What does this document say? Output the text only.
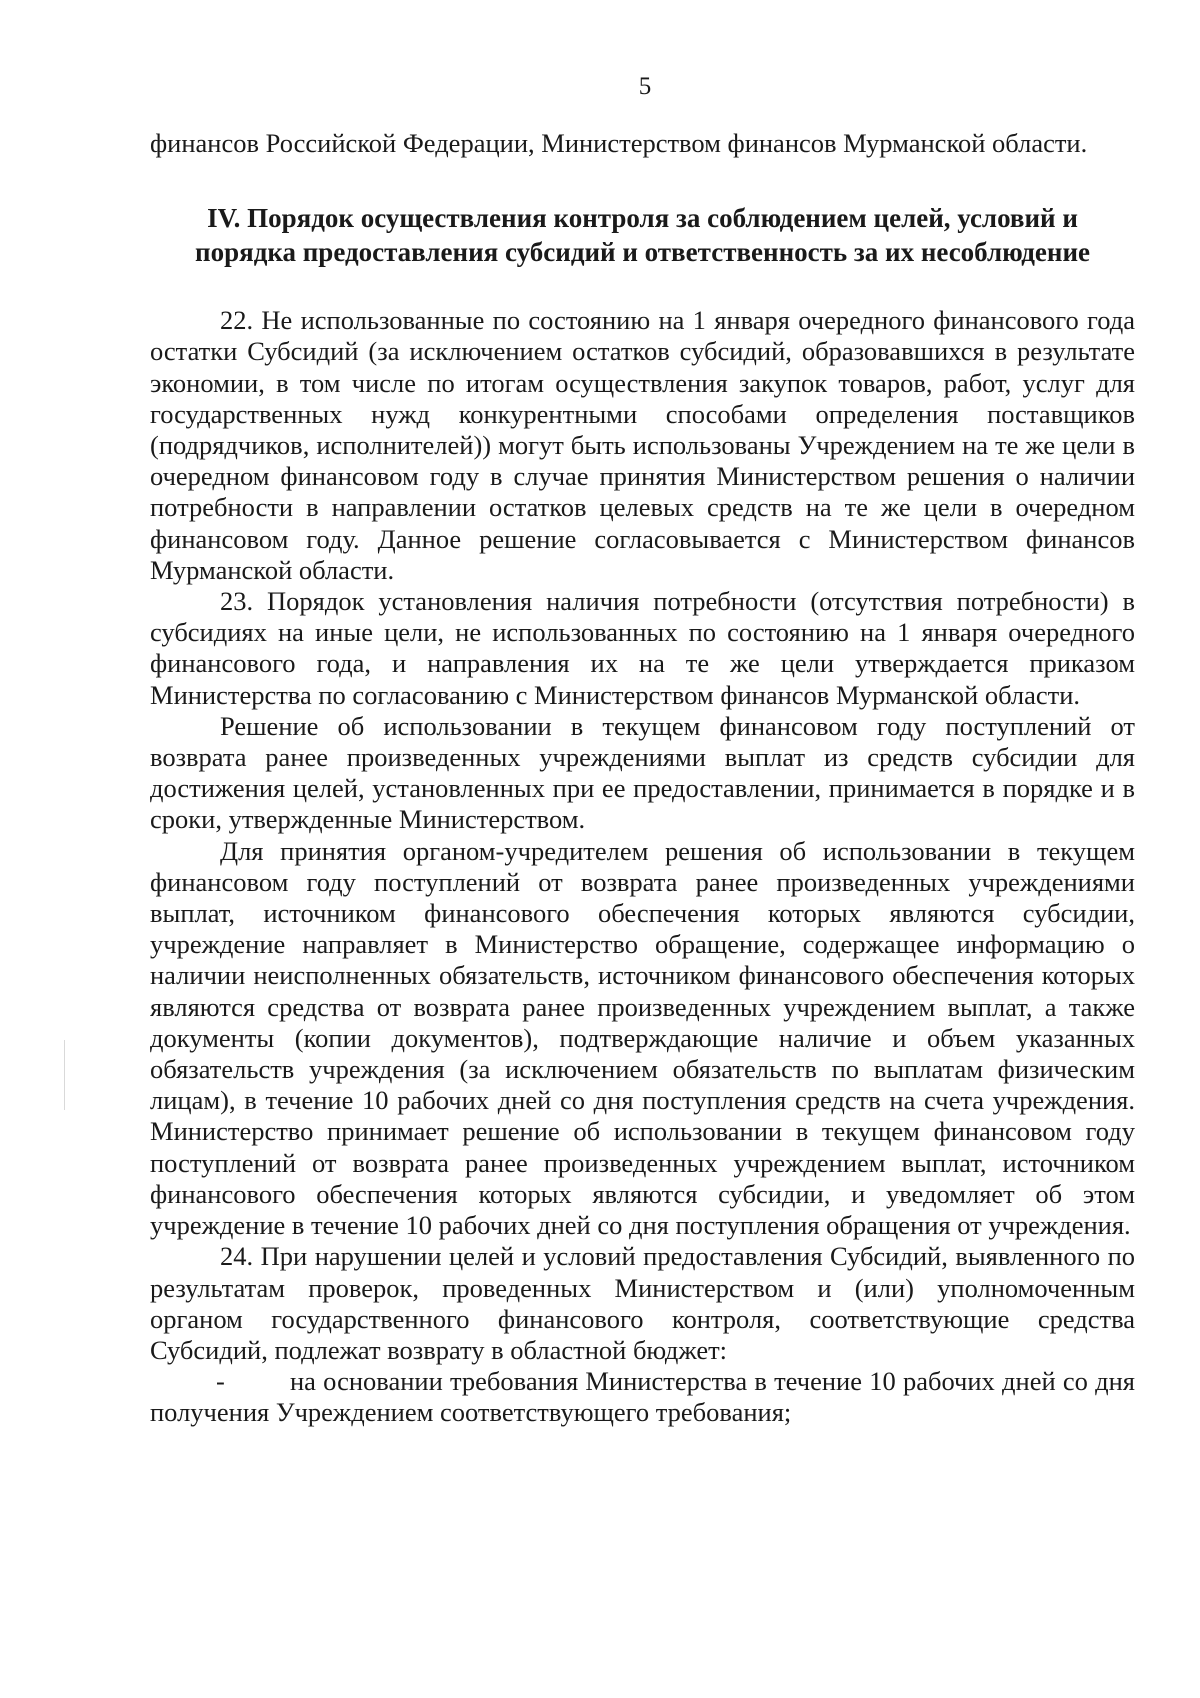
5

финансов Российской Федерации, Министерством финансов Мурманской области.

IV. Порядок осуществления контроля за соблюдением целей, условий и
порядка предоставления субсидий и ответственность за их несоблюдение

22. Не использованные по состоянию на 1 января очередного финансового года остатки Субсидий (за исключением остатков субсидий, образовавшихся в результате экономии, в том числе по итогам осуществления закупок товаров, работ, услуг для государственных нужд конкурентными способами определения поставщиков (подрядчиков, исполнителей)) могут быть использованы Учреждением на те же цели в очередном финансовом году в случае принятия Министерством решения о наличии потребности в направлении остатков целевых средств на те же цели в очередном финансовом году. Данное решение согласовывается с Министерством финансов Мурманской области.

23. Порядок установления наличия потребности (отсутствия потребности) в субсидиях на иные цели, не использованных по состоянию на 1 января очередного финансового года, и направления их на те же цели утверждается приказом Министерства по согласованию с Министерством финансов Мурманской области.

Решение об использовании в текущем финансовом году поступлений от возврата ранее произведенных учреждениями выплат из средств субсидии для достижения целей, установленных при ее предоставлении, принимается в порядке и в сроки, утвержденные Министерством.

Для принятия органом-учредителем решения об использовании в текущем финансовом году поступлений от возврата ранее произведенных учреждениями выплат, источником финансового обеспечения которых являются субсидии, учреждение направляет в Министерство обращение, содержащее информацию о наличии неисполненных обязательств, источником финансового обеспечения которых являются средства от возврата ранее произведенных учреждением выплат, а также документы (копии документов), подтверждающие наличие и объем указанных обязательств учреждения (за исключением обязательств по выплатам физическим лицам), в течение 10 рабочих дней со дня поступления средств на счета учреждения. Министерство принимает решение об использовании в текущем финансовом году поступлений от возврата ранее произведенных учреждением выплат, источником финансового обеспечения которых являются субсидии, и уведомляет об этом учреждение в течение 10 рабочих дней со дня поступления обращения от учреждения.

24. При нарушении целей и условий предоставления Субсидий, выявленного по результатам проверок, проведенных Министерством и (или) уполномоченным органом государственного финансового контроля, соответствующие средства Субсидий, подлежат возврату в областной бюджет:

- на основании требования Министерства в течение 10 рабочих дней со дня получения Учреждением соответствующего требования;
